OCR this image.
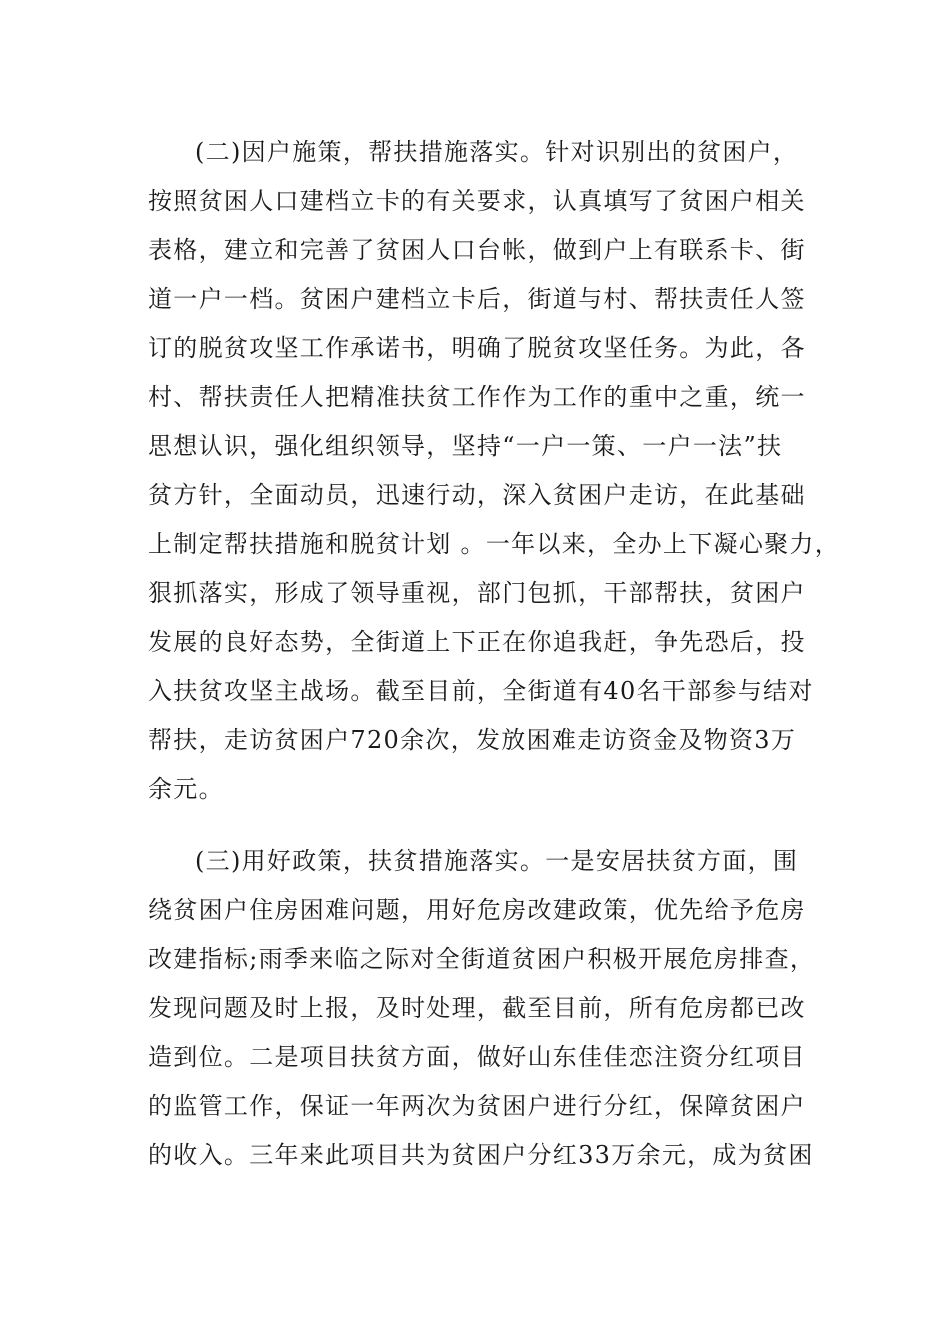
(二)因户施策，帮扶措施落实。针对识别出的贫困户，

按照贫困人口建档立卡的有关要求，认真填写了贫困户相关

表格，建立和完善了贫困人口台帐，做到户上有联系卡、街

道一户一档。贫困户建档立卡后，街道与村、帮扶责任人签

订的脱贫攻坚工作承诺书，明确了脱贫攻坚任务。为此，各

村、帮扶责任人把精准扶贫工作作为工作的重中之重，统一

思想认识，强化组织领导，坚持“一户一策、一户一法”扶

贫方针，全面动员，迅速行动，深入贫困户走访，在此基础

上制定帮扶措施和脱贫计划 。一年以来，全办上下凝心聚力，

狠抓落实，形成了领导重视，部门包抓，干部帮扶，贫困户

发展的良好态势，全街道上下正在你追我赶，争先恐后，投

入扶贫攻坚主战场。截至目前，全街道有40名干部参与结对

帮扶，走访贫困户720余次，发放困难走访资金及物资3万

余元。

(三)用好政策，扶贫措施落实。一是安居扶贫方面，围

绕贫困户住房困难问题，用好危房改建政策，优先给予危房

改建指标;雨季来临之际对全街道贫困户积极开展危房排查，

发现问题及时上报，及时处理，截至目前，所有危房都已改

造到位。二是项目扶贫方面，做好山东佳佳恋注资分红项目

的监管工作，保证一年两次为贫困户进行分红，保障贫困户

的收入。三年来此项目共为贫困户分红33万余元，成为贫困
